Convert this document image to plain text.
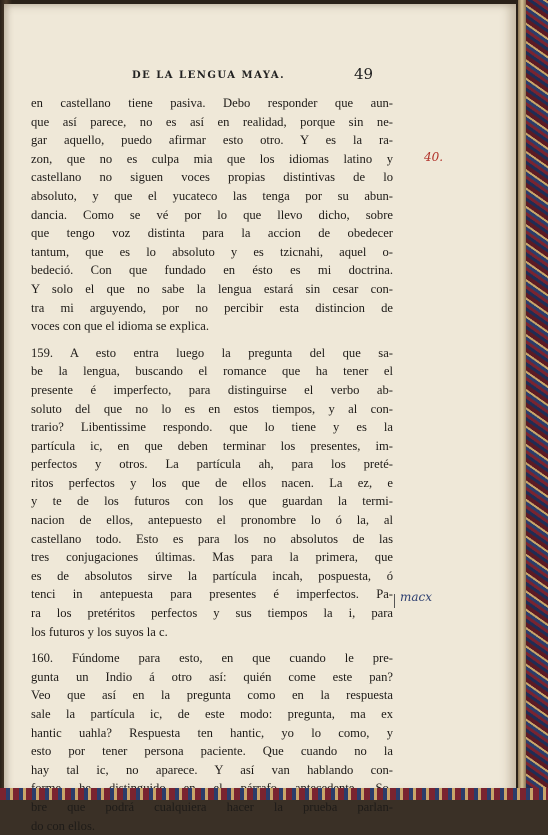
DE LA LENGUA MAYA.	49
en castellano tiene pasiva. Debo responder que aun-
que así parece, no es así en realidad, porque sin ne-
gar aquello, puedo afirmar esto otro. Y es la ra-
zon, que no es culpa mia que los idiomas latino y
castellano no siguen voces propias distintivas de lo
absoluto, y que el yucateco las tenga por su abun-
dancia. Como se vé por lo que llevo dicho, sobre
que tengo voz distinta para la accion de obedecer
tantum, que es lo absoluto y es tzicnahi, aquel o-
bedeció. Con que fundado en ésto es mi doctrina.
Y solo el que no sabe la lengua estará sin cesar con-
tra mi arguyendo, por no percibir esta distincion de
voces con que el idioma se explica.
159. A esto entra luego la pregunta del que sa-
be la lengua, buscando el romance que ha tener el
presente é imperfecto, para distinguirse el verbo ab-
soluto del que no lo es en estos tiempos, y al con-
trario? Libentissime respondo. que lo tiene y es la
partícula ic, en que deben terminar los presentes, im-
perfectos y otros. La partícula ah, para los preté-
ritos perfectos y los que de ellos nacen. La ez, e
y te de los futuros con los que guardan la termi-
nacion de ellos, antepuesto el pronombre lo ó la, al
castellano todo. Esto es para los no absolutos de las
tres conjugaciones últimas. Mas para la primera, que
es de absolutos sirve la partícula incah, pospuesta, ó
tenci in antepuesta para presentes é imperfectos. Pa-
ra los pretéritos perfectos y sus tiempos la i, para
los futuros y los suyos la c.
160. Fúndome para esto, en que cuando le pre-
gunta un Indio á otro así: quién come este pan?
Veo que así en la pregunta como en la respuesta
sale la partícula ic, de este modo: pregunta, ma ex
hantic uahla? Respuesta ten hantic, yo lo como, y
esto por tener persona paciente. Que cuando no la
hay tal ic, no aparece. Y así van hablando con-
bre que podrá cualquiera hacer la prueba parlan-
do con ellos.
40.
macx
